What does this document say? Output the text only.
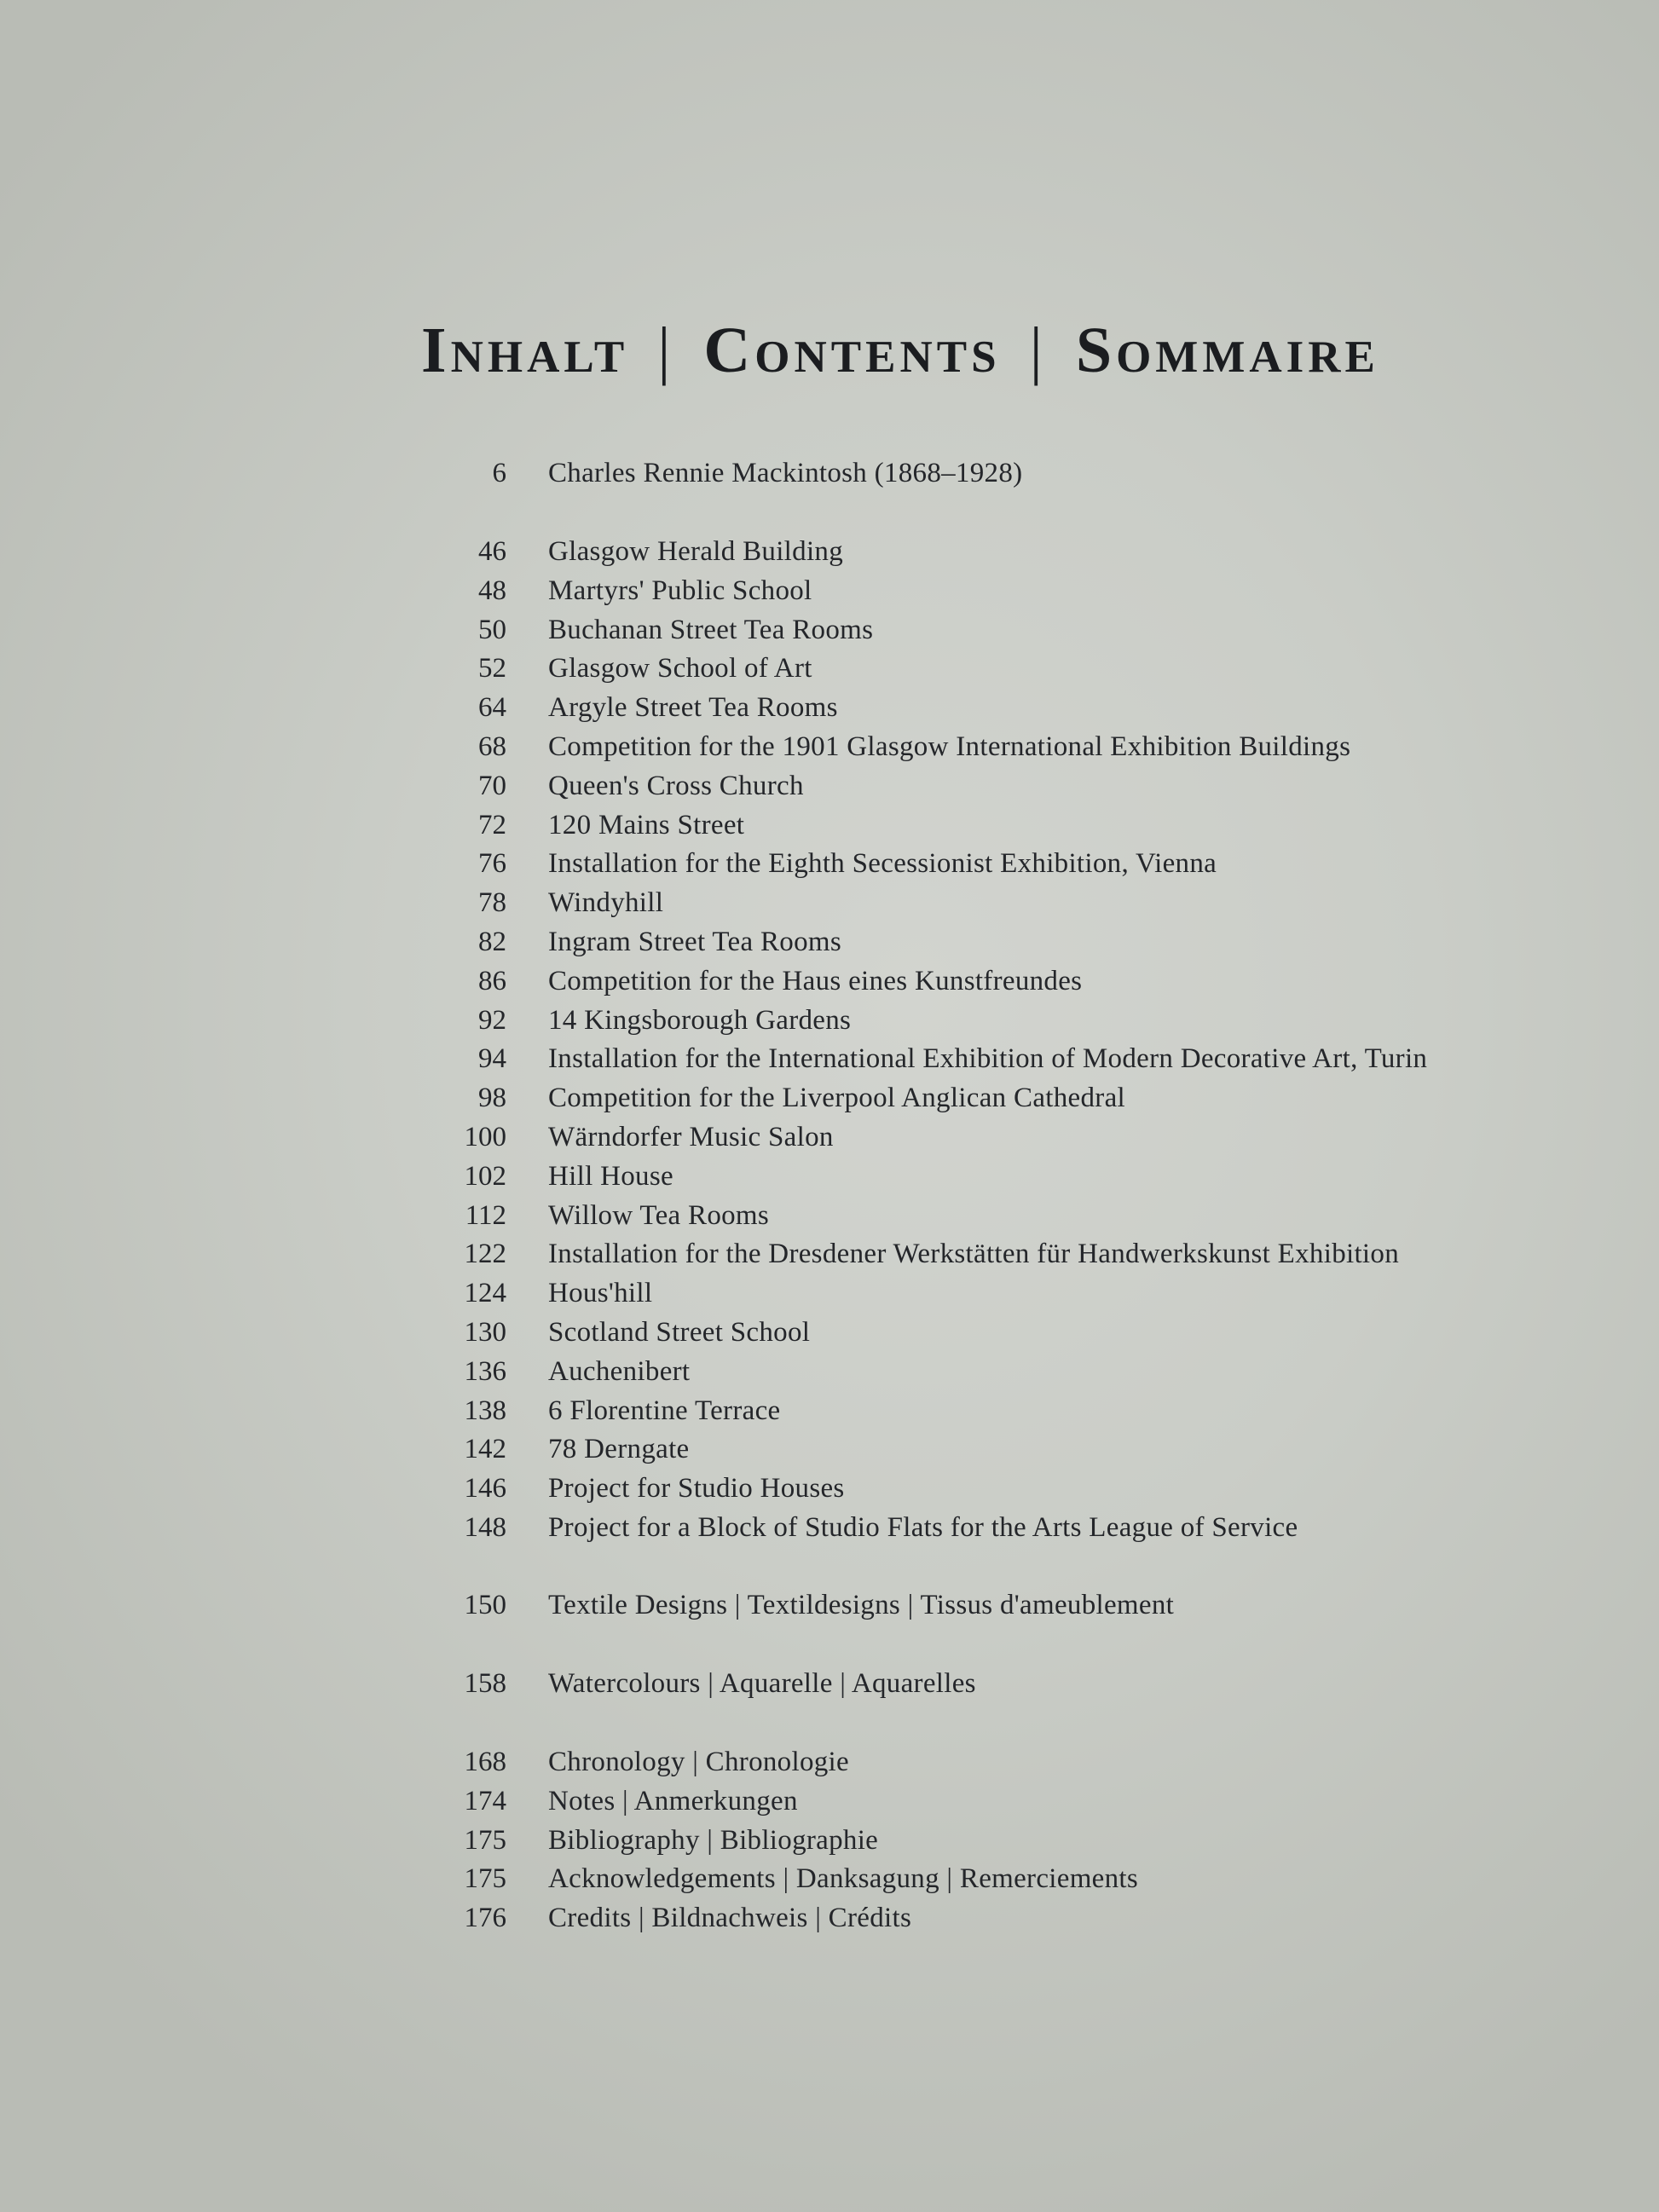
Inhalt | Contents | Sommaire
6 Charles Rennie Mackintosh (1868–1928)
46 Glasgow Herald Building
48 Martyrs' Public School
50 Buchanan Street Tea Rooms
52 Glasgow School of Art
64 Argyle Street Tea Rooms
68 Competition for the 1901 Glasgow International Exhibition Buildings
70 Queen's Cross Church
72 120 Mains Street
76 Installation for the Eighth Secessionist Exhibition, Vienna
78 Windyhill
82 Ingram Street Tea Rooms
86 Competition for the Haus eines Kunstfreundes
92 14 Kingsborough Gardens
94 Installation for the International Exhibition of Modern Decorative Art, Turin
98 Competition for the Liverpool Anglican Cathedral
100 Wärndorfer Music Salon
102 Hill House
112 Willow Tea Rooms
122 Installation for the Dresdener Werkstätten für Handwerkskunst Exhibition
124 Hous'hill
130 Scotland Street School
136 Auchenibert
138 6 Florentine Terrace
142 78 Derngate
146 Project for Studio Houses
148 Project for a Block of Studio Flats for the Arts League of Service
150 Textile Designs | Textildesigns | Tissus d'ameublement
158 Watercolours | Aquarelle | Aquarelles
168 Chronology | Chronologie
174 Notes | Anmerkungen
175 Bibliography | Bibliographie
175 Acknowledgements | Danksagung | Remerciements
176 Credits | Bildnachweis | Crédits
